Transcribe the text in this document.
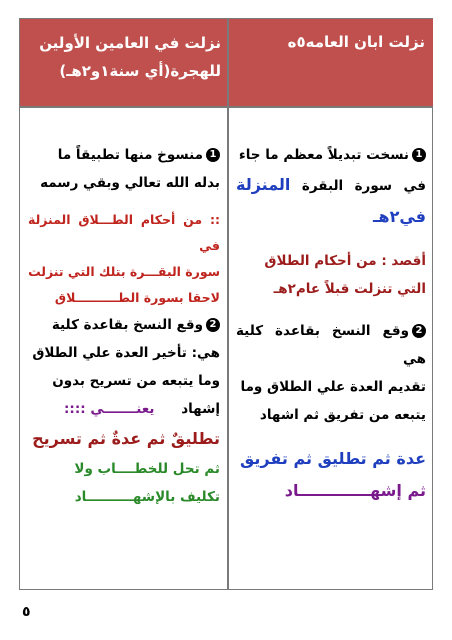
نزلت ابان العامه٥ه
نزلت في العامين الأولين
للهجرة(أي سنة١و٢هـ)

1نسخت تبديلاً معظم ما جاء

في سورة البقرة المنزلة في٢هـ

أقصد : من أحكام الطلاق

التي تنزلت قبلاً عام٢هـ

2وقع النسخ بقاعدة كلية هي

تقديم العدة علي الطلاق وما

يتبعه من تفريق ثم اشهاد

عدة ثم تطليق ثم تفريق

ثم إشهـــــــــــــاد

1منسوخ منها تطبيقاً ما

بدله الله تعالي وبقي رسمه

:: من أحكام الطـــلاق المنزلة في

سورة البقـــرة بتلك التي تنزلت

لاحقا بسورة الطــــــــــلاق

2وقع النسخ بقاعدة كلية

هي: تأخير العدة علي الطلاق

وما يتبعه من تسريح بدون

إشهاد يعنـــــــي ::::

تطليقٌ ثم عدةٌ ثم تسريح

ثم تحل للخطــــاب ولا

تكليف بالإشهــــــــــاد

٥
